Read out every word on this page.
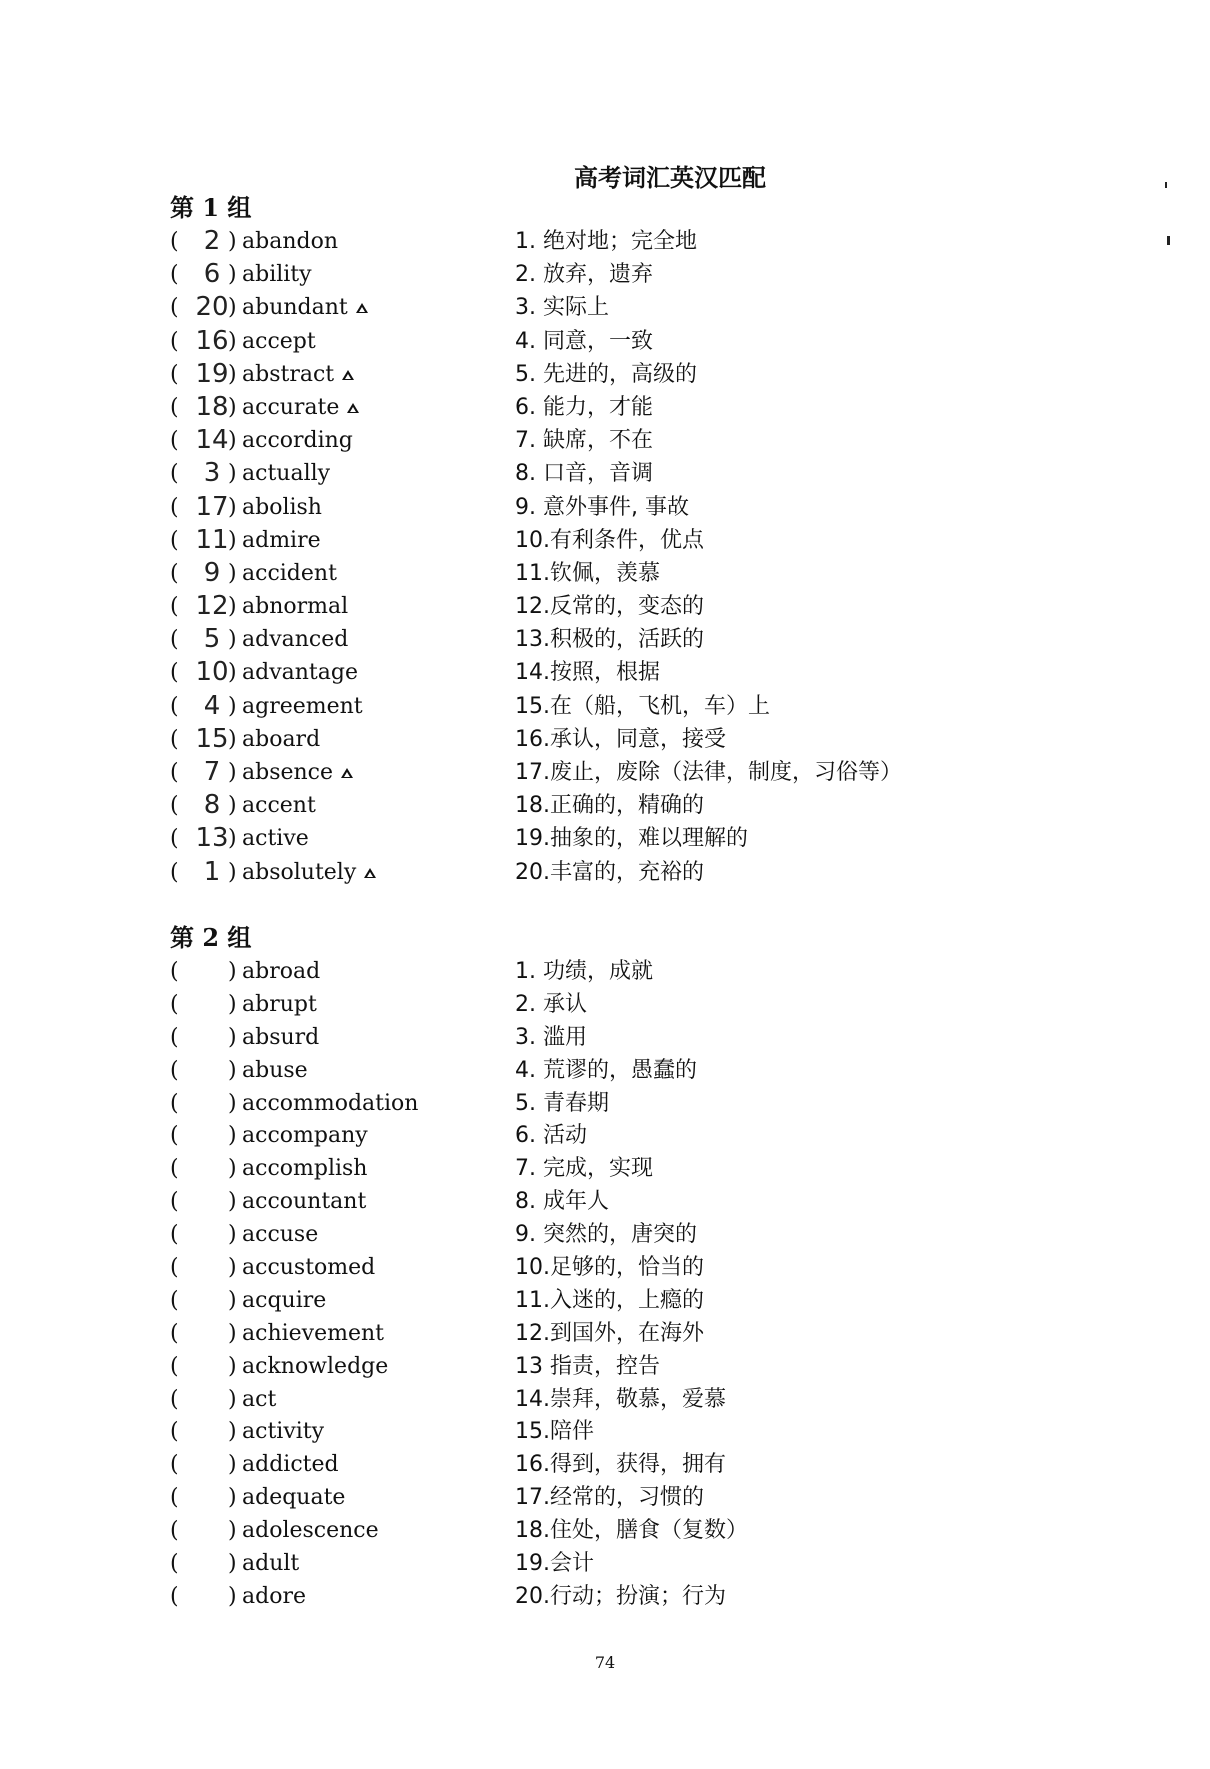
高考词汇英汉匹配
第 1 组
( 2 ) abandon	1. 绝对地；完全地
( 6 ) ability	2. 放弃，遗弃
( 20 ) abundant	3. 实际上
( 16 ) accept	4. 同意，一致
( 19 ) abstract	5. 先进的，高级的
( 18 ) accurate	6. 能力，才能
( 14 ) according	7. 缺席，不在
( 3 ) actually	8. 口音，音调
( 17 ) abolish	9. 意外事件, 事故
( 11 ) admire	10.有利条件，优点
( 9 ) accident	11.钦佩，羡慕
( 12 ) abnormal	12.反常的，变态的
( 5 ) advanced	13.积极的，活跃的
( 10 ) advantage	14.按照，根据
( 4 ) agreement	15.在（船，飞机，车）上
( 15 ) aboard	16.承认，同意，接受
( 7 ) absence	17.废止，废除（法律，制度，习俗等）
( 8 ) accent	18.正确的，精确的
( 13 ) active	19.抽象的，难以理解的
( 1 ) absolutely	20.丰富的，充裕的
第 2 组
( ) abroad	1. 功绩，成就
( ) abrupt	2. 承认
( ) absurd	3. 滥用
( ) abuse	4. 荒谬的，愚蠢的
( ) accommodation	5. 青春期
( ) accompany	6. 活动
( ) accomplish	7. 完成，实现
( ) accountant	8. 成年人
( ) accuse	9. 突然的，唐突的
( ) accustomed	10.足够的，恰当的
( ) acquire	11.入迷的，上瘾的
( ) achievement	12.到国外，在海外
( ) acknowledge	13 指责，控告
( ) act	14.崇拜，敬慕，爱慕
( ) activity	15.陪伴
( ) addicted	16.得到，获得，拥有
( ) adequate	17.经常的，习惯的
( ) adolescence	18.住处，膳食（复数）
( ) adult	19.会计
( ) adore	20.行动；扮演；行为
74
